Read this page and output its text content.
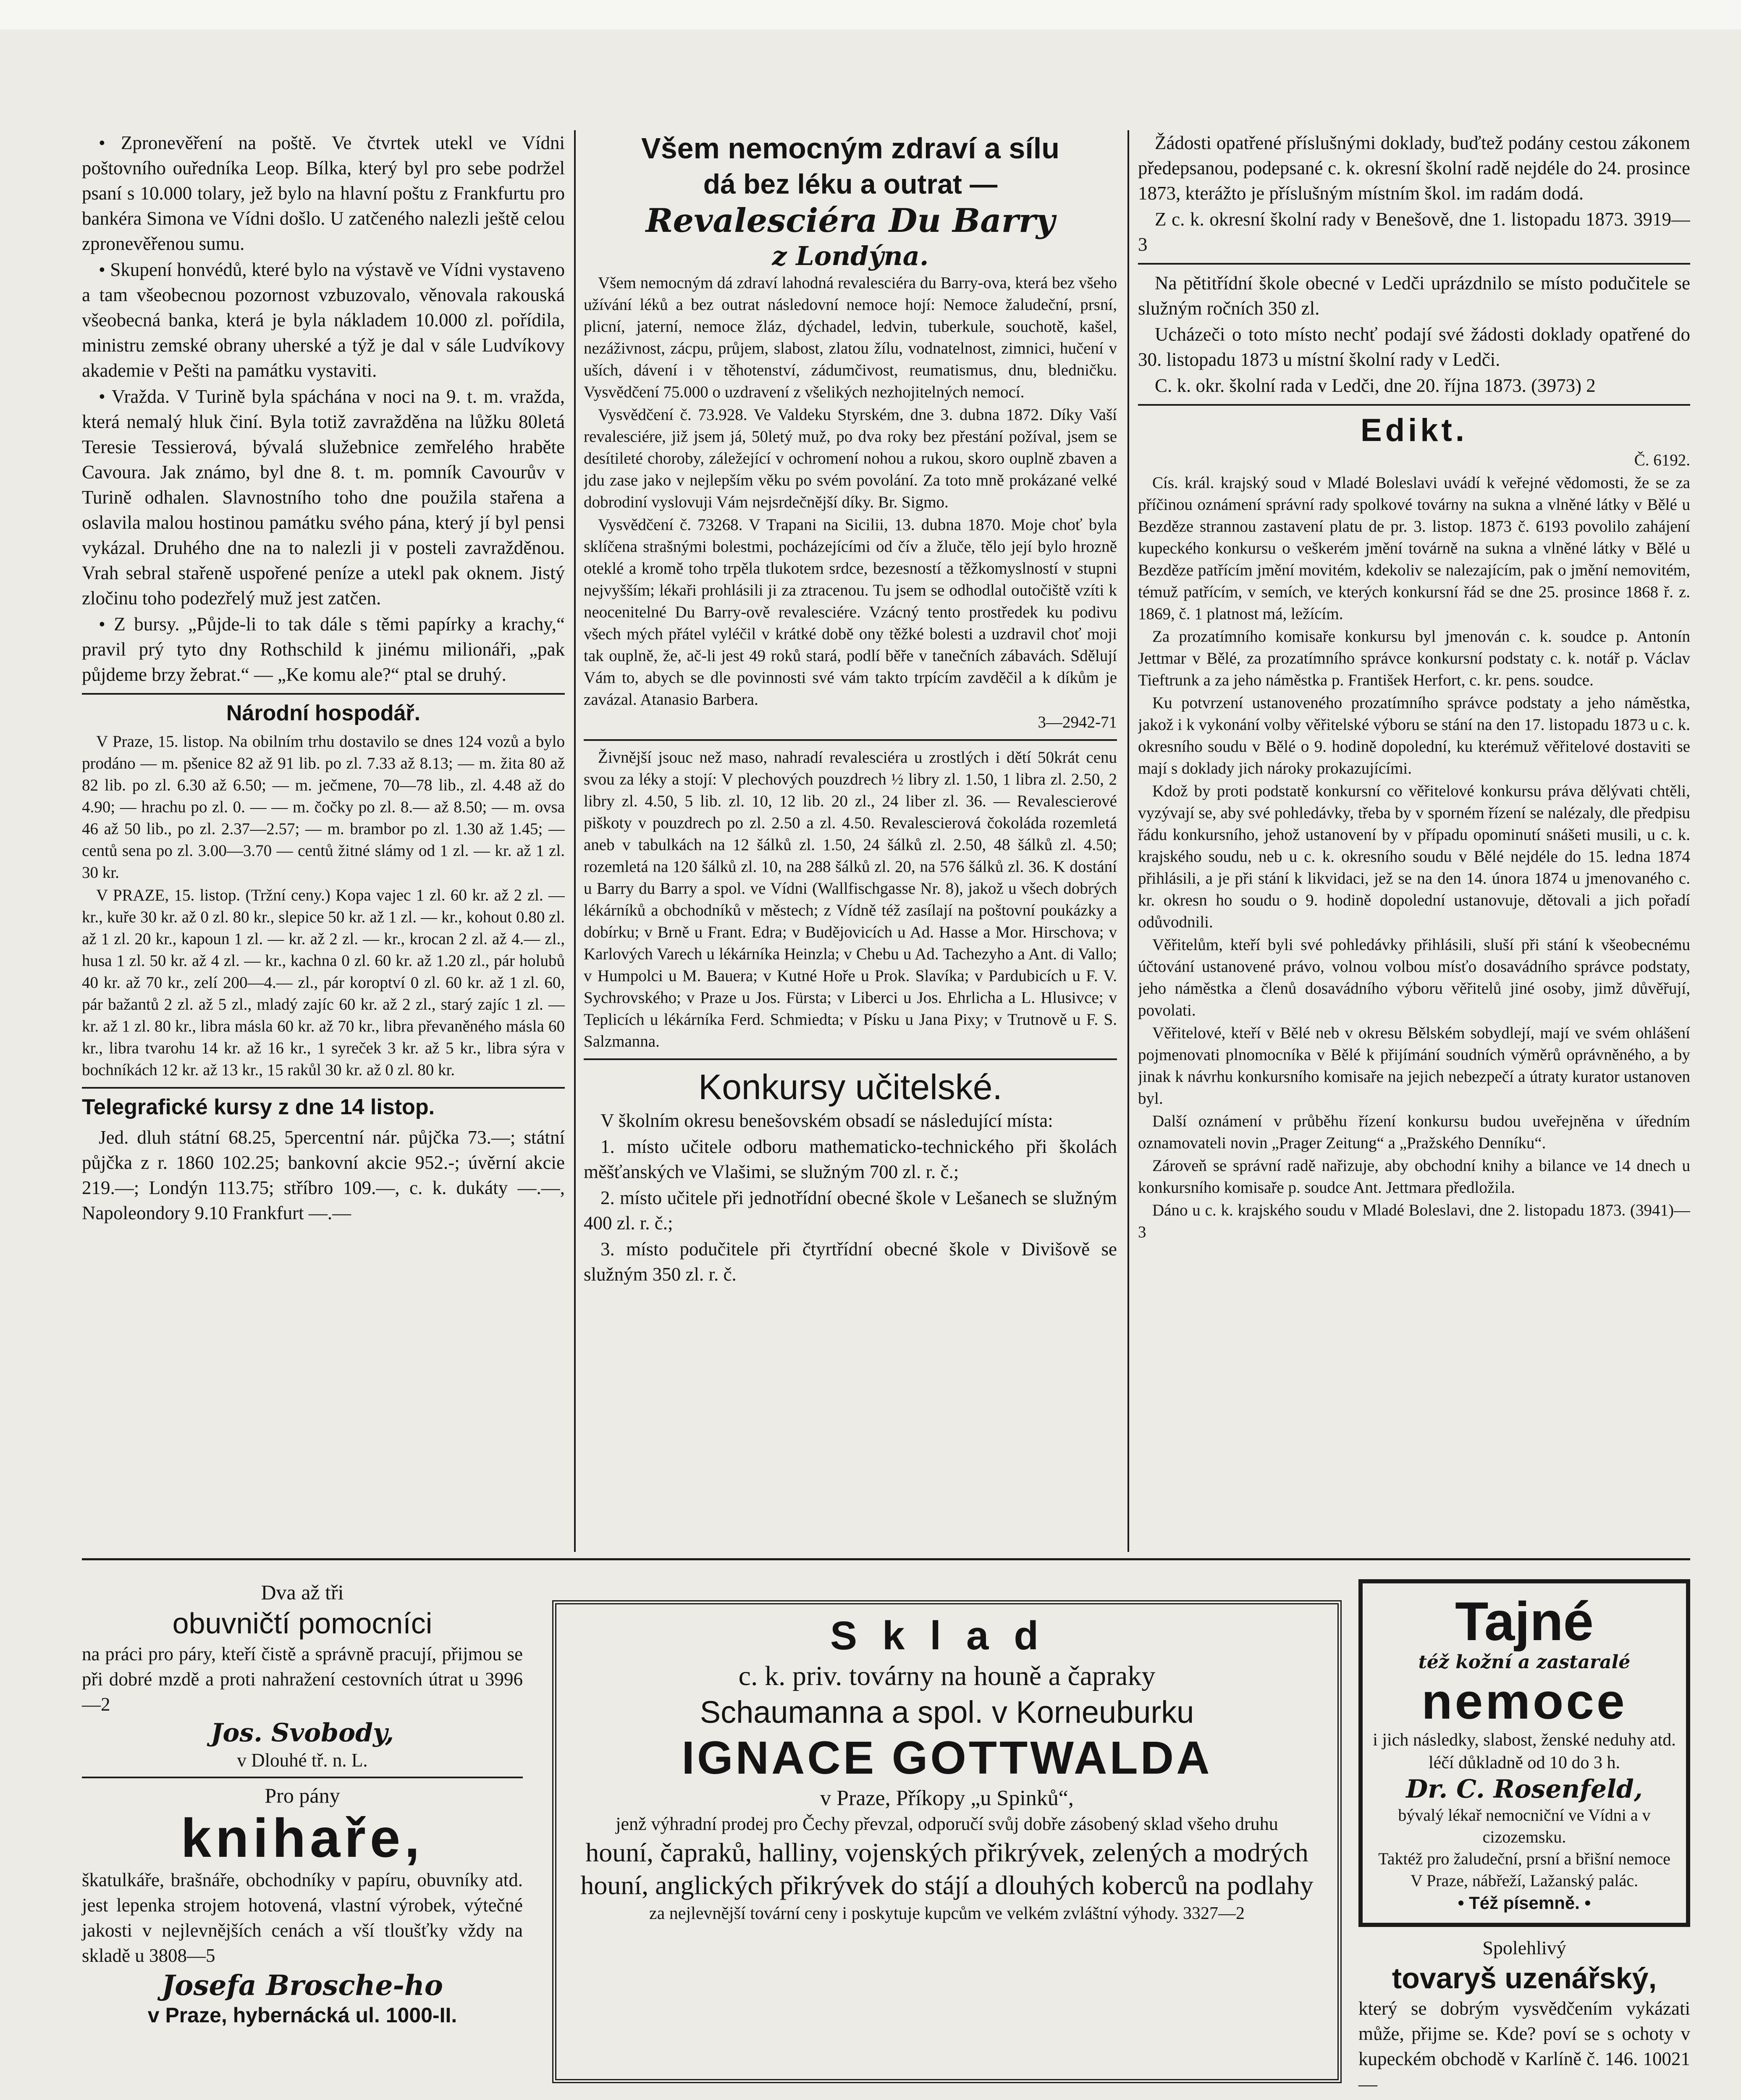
• Zpronevěření na poště. Ve čtvrtek utekl ve Vídni poštovního ouředníka Leop. Bílka, který byl pro sebe podržel psaní s 10.000 tolary, jež bylo na hlavní poštu z Frankfurtu pro bankéra Simona ve Vídni došlo. U zatčeného nalezli ještě celou zpronevěřenou sumu.

• Skupení honvédů, které bylo na výstavě ve Vídni vystaveno a tam všeobecnou pozornost vzbuzovalo, věnovala rakouská všeobecná banka, která je byla nákladem 10.000 zl. pořídila, ministru zemské obrany uherské a týž je dal v sále Ludvíkovy akademie v Pešti na památku vystaviti.

• Vražda. V Turině byla spáchána v noci na 9. t. m. vražda, která nemalý hluk činí. Byla totiž zavražděna na lůžku 80letá Teresie Tessierová, bývalá služebnice zemřelého hraběte Cavoura. Jak známo, byl dne 8. t. m. pomník Cavourův v Turině odhalen. Slavnostního toho dne použila stařena a oslavila malou hostinou památku svého pána, který jí byl pensi vykázal. Druhého dne na to nalezli ji v posteli zavražděnou. Vrah sebral stařeně uspořené peníze a utekl pak oknem. Jistý zločinu toho podezřelý muž jest zatčen.

• Z bursy. „Půjde-li to tak dále s těmi papírky a krachy,“ pravil prý tyto dny Rothschild k jinému milionáři, „pak půjdeme brzy žebrat.“ — „Ke komu ale?“ ptal se druhý.

Národní hospodář.

V Praze, 15. listop. Na obilním trhu dostavilo se dnes 124 vozů a bylo prodáno — m. pšenice 82 až 91 lib. po zl. 7.33 až 8.13; — m. žita 80 až 82 lib. po zl. 6.30 až 6.50; — m. ječmene, 70—78 lib., zl. 4.48 až do 4.90; — hrachu po zl. 0. — — m. čočky po zl. 8.— až 8.50; — m. ovsa 46 až 50 lib., po zl. 2.37—2.57; — m. brambor po zl. 1.30 až 1.45; — centů sena po zl. 3.00—3.70 — centů žitné slámy od 1 zl. — kr. až 1 zl. 30 kr.

V PRAZE, 15. listop. (Tržní ceny.) Kopa vajec 1 zl. 60 kr. až 2 zl. — kr., kuře 30 kr. až 0 zl. 80 kr., slepice 50 kr. až 1 zl. — kr., kohout 0.80 zl. až 1 zl. 20 kr., kapoun 1 zl. — kr. až 2 zl. — kr., krocan 2 zl. až 4.— zl., husa 1 zl. 50 kr. až 4 zl. — kr., kachna 0 zl. 60 kr. až 1.20 zl., pár holubů 40 kr. až 70 kr., zelí 200—4.— zl., pár koroptví 0 zl. 60 kr. až 1 zl. 60, pár bažantů 2 zl. až 5 zl., mladý zajíc 60 kr. až 2 zl., starý zajíc 1 zl. — kr. až 1 zl. 80 kr., libra másla 60 kr. až 70 kr., libra převaněného másla 60 kr., libra tvarohu 14 kr. až 16 kr., 1 syreček 3 kr. až 5 kr., libra sýra v bochníkách 12 kr. až 13 kr., 15 rakůl 30 kr. až 0 zl. 80 kr.

Telegrafické kursy z dne 14 listop.

Jed. dluh státní 68.25, 5percentní nár. půjčka 73.—; státní půjčka z r. 1860 102.25; bankovní akcie 952.-; úvěrní akcie 219.—; Londýn 113.75; stříbro 109.—, c. k. dukáty —.—, Napoleondory 9.10 Frankfurt —.—

Všem nemocným zdraví a sílu
dá bez léku a outrat —
Revalesciéra Du Barry
z Londýna.

Všem nemocným dá zdraví lahodná revalesciéra du Barry-ova, která bez všeho užívání léků a bez outrat následovní nemoce hojí: Nemoce žaludeční, prsní, plicní, jaterní, nemoce žláz, dýchadel, ledvin, tuberkule, souchotě, kašel, nezáživnost, zácpu, průjem, slabost, zlatou žílu, vodnatelnost, zimnici, hučení v uších, dávení i v těhotenství, zádumčivost, reumatismus, dnu, bledničku. Vysvědčení 75.000 o uzdravení z všelikých nezhojitelných nemocí.

Vysvědčení č. 73.928. Ve Valdeku Styrském, dne 3. dubna 1872. Díky Vaší revalesciére, již jsem já, 50letý muž, po dva roky bez přestání požíval, jsem se desítileté choroby, záležející v ochromení nohou a rukou, skoro ouplně zbaven a jdu zase jako v nejlepším věku po svém povolání. Za toto mně prokázané velké dobrodiní vyslovuji Vám nejsrdečnější díky. Br. Sigmo.

Vysvědčení č. 73268. V Trapani na Sicilii, 13. dubna 1870. Moje choť byla sklíčena strašnými bolestmi, pocházejícími od čív a žluče, tělo její bylo hrozně oteklé a kromě toho trpěla tlukotem srdce, bezesností a těžkomyslností v stupni nejvyšším; lékaři prohlásili ji za ztracenou. Tu jsem se odhodlal outočiště vzíti k neocenitelné Du Barry-ově revalesciére. Vzácný tento prostředek ku podivu všech mých přátel vyléčil v krátké době ony těžké bolesti a uzdravil choť moji tak ouplně, že, ač-li jest 49 roků stará, podlí běře v tanečních zábavách. Sdělují Vám to, abych se dle povinnosti své vám takto trpícím zavděčil a k díkům je zavázal. Atanasio Barbera.

3—2942-71

Živnější jsouc než maso, nahradí revalesciéra u zrostlých i dětí 50krát cenu svou za léky a stojí: V plechových pouzdrech ½ libry zl. 1.50, 1 libra zl. 2.50, 2 libry zl. 4.50, 5 lib. zl. 10, 12 lib. 20 zl., 24 liber zl. 36. — Revalescierové piškoty v pouzdrech po zl. 2.50 a zl. 4.50. Revalescierová čokoláda rozemletá aneb v tabulkách na 12 šálků zl. 1.50, 24 šálků zl. 2.50, 48 šálků zl. 4.50; rozemletá na 120 šálků zl. 10, na 288 šálků zl. 20, na 576 šálků zl. 36. K dostání u Barry du Barry a spol. ve Vídni (Wallfischgasse Nr. 8), jakož u všech dobrých lékárníků a obchodníků v městech; z Vídně též zasílají na poštovní poukázky a dobírku; v Brně u Frant. Edra; v Budějovicích u Ad. Hasse a Mor. Hirschova; v Karlových Varech u lékárníka Heinzla; v Chebu u Ad. Tachezyho a Ant. di Vallo; v Humpolci u M. Bauera; v Kutné Hoře u Prok. Slavíka; v Pardubicích u F. V. Sychrovského; v Praze u Jos. Fürsta; v Liberci u Jos. Ehrlicha a L. Hlusivce; v Teplicích u lékárníka Ferd. Schmiedta; v Písku u Jana Pixy; v Trutnově u F. S. Salzmanna.

Konkursy učitelské.

V školním okresu benešovském obsadí se následující místa:

1. místo učitele odboru mathematicko-technického při školách měšťanských ve Vlašimi, se služným 700 zl. r. č.;

2. místo učitele při jednotřídní obecné škole v Lešanech se služným 400 zl. r. č.;

3. místo podučitele při čtyrtřídní obecné škole v Divišově se služným 350 zl. r. č.

Žádosti opatřené příslušnými doklady, buďtež podány cestou zákonem předepsanou, podepsané c. k. okresní školní radě nejdéle do 24. prosince 1873, kterážto je příslušným místním škol. im radám dodá.

Z c. k. okresní školní rady v Benešově, dne 1. listopadu 1873. 3919—3

Na pětitřídní škole obecné v Ledči uprázdnilo se místo podučitele se služným ročních 350 zl.

Ucházeči o toto místo nechť podají své žádosti doklady opatřené do 30. listopadu 1873 u místní školní rady v Ledči.

C. k. okr. školní rada v Ledči, dne 20. října 1873. (3973) 2

Edikt.

Č. 6192.

Cís. král. krajský soud v Mladé Boleslavi uvádí k veřejné vědomosti, že se za příčinou oznámení správní rady spolkové továrny na sukna a vlněné látky v Bělé u Bezděze strannou zastavení platu de pr. 3. listop. 1873 č. 6193 povolilo zahájení kupeckého konkursu o veškerém jmění továrně na sukna a vlněné látky v Bělé u Bezděze patřícím jmění movitém, kdekoliv se nalezajícím, pak o jmění nemovitém, témuž patřícím, v semích, ve kterých konkursní řád se dne 25. prosince 1868 ř. z. 1869, č. 1 platnost má, ležícím.

Za prozatímního komisaře konkursu byl jmenován c. k. soudce p. Antonín Jettmar v Bělé, za prozatímního správce konkursní podstaty c. k. notář p. Václav Tieftrunk a za jeho náměstka p. František Herfort, c. kr. pens. soudce.

Ku potvrzení ustanoveného prozatímního správce podstaty a jeho náměstka, jakož i k vykonání volby věřitelské výboru se stání na den 17. listopadu 1873 u c. k. okresního soudu v Bělé o 9. hodině dopolední, ku kterémuž věřitelové dostaviti se mají s doklady jich nároky prokazujícími.

Kdož by proti podstatě konkursní co věřitelové konkursu práva dělývati chtěli, vyzývají se, aby své pohledávky, třeba by v sporném řízení se nalézaly, dle předpisu řádu konkursního, jehož ustanovení by v případu opominutí snášeti musili, u c. k. krajského soudu, neb u c. k. okresního soudu v Bělé nejdéle do 15. ledna 1874 přihlásili, a je při stání k likvidaci, jež se na den 14. února 1874 u jmenovaného c. kr. okresn ho soudu o 9. hodině dopolední ustanovuje, dětovali a jich pořadí odůvodnili.

Věřitelům, kteří byli své pohledávky přihlásili, sluší při stání k všeobecnému účtování ustanovené právo, volnou volbou mísťo dosavádního správce podstaty, jeho náměstka a členů dosavádního výboru věřitelů jiné osoby, jimž důvěřují, povolati.

Věřitelové, kteří v Bělé neb v okresu Bělském sobydlejí, mají ve svém ohlášení pojmenovati plnomocníka v Bělé k přijímání soudních výměrů oprávněného, a by jinak k návrhu konkursního komisaře na jejich nebezpečí a útraty kurator ustanoven byl.

Další oznámení v průběhu řízení konkursu budou uveřejněna v úředním oznamovateli novin „Prager Zeitung“ a „Pražského Denníku“.

Zároveň se správní radě nařizuje, aby obchodní knihy a bilance ve 14 dnech u konkursního komisaře p. soudce Ant. Jettmara předložila.

Dáno u c. k. krajského soudu v Mladé Boleslavi, dne 2. listopadu 1873. (3941)—3

Dva až tři
obuvničtí pomocníci

na práci pro páry, kteří čistě a správně pracují, přijmou se při dobré mzdě a proti nahražení cestovních útrat u 3996—2

Jos. Svobody,
v Dlouhé tř. n. L.
Pro pány
knihaře,

škatulkáře, brašnáře, obchodníky v papíru, obuvníky atd. jest lepenka strojem hotovená, vlastní výrobek, výtečné jakosti v nejlevnějších cenách a vší tloušťky vždy na skladě u 3808—5

Josefa Brosche-ho
v Praze, hybernácká ul. 1000-II.
Sklad
c. k. priv. továrny na houně a čapraky
Schaumanna a spol. v Korneuburku
IGNACE GOTTWALDA
v Praze, Příkopy „u Spinků“,
jenž výhradní prodej pro Čechy převzal, odporučí svůj dobře zásobený sklad všeho druhu
houní, čapraků, halliny, vojenských přikrývek, zelených a modrých houní, anglických přikrývek do stájí a dlouhých koberců na podlahy
za nejlevnější tovární ceny i poskytuje kupcům ve velkém zvláštní výhody. 3327—2
Tajné
též kožní a zastaralé
nemoce
i jich následky, slabost, ženské neduhy atd. léčí důkladně od 10 do 3 h.
Dr. C. Rosenfeld,
bývalý lékař nemocniční ve Vídni a v cizozemsku.
Taktéž pro žaludeční, prsní a břišní nemoce V Praze, nábřeží, Lažanský palác.
• Též písemně. •
Spolehlivý
tovaryš uzenářský,

který se dobrým vysvědčením vykázati může, přijme se. Kde? poví se s ochoty v kupeckém obchodě v Karlíně č. 146. 10021—
